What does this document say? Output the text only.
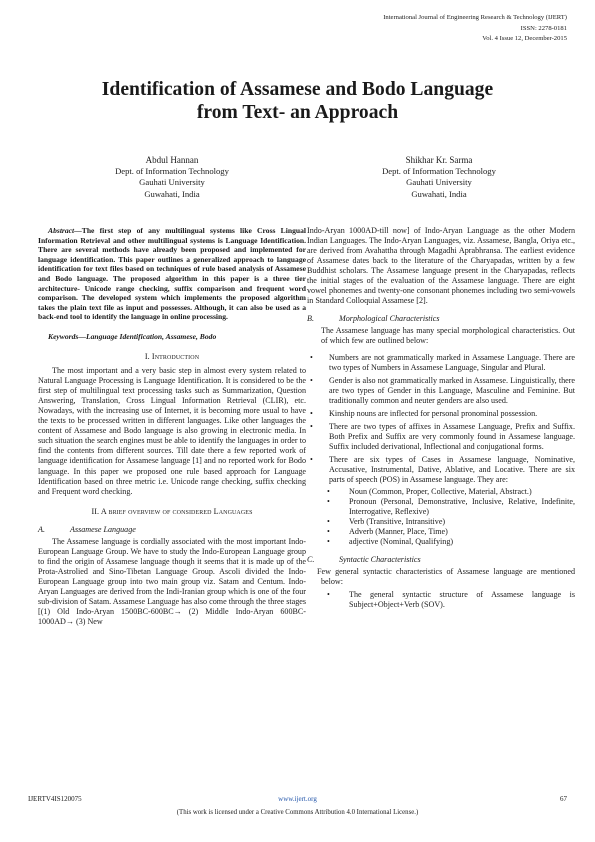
International Journal of Engineering Research & Technology (IJERT)
ISSN: 2278-0181
Vol. 4 Issue 12, December-2015
Identification of Assamese and Bodo Language
from Text- an Approach
Abdul Hannan
Dept. of Information Technology
Gauhati University
Guwahati, India
Shikhar Kr. Sarma
Dept. of Information Technology
Gauhati University
Guwahati, India

Abstract—The first step of any multilingual systems like Cross Lingual Information Retrieval and other multilingual systems is Language Identification. There are several methods have already been proposed and implemented for language identification. This paper outlines a generalized approach to language identification for text files based on techniques of rule based analysis of Assamese and Bodo language. The proposed algorithm in this paper is a three tier architecture- Unicode range checking, suffix comparison and frequent word comparison. The developed system which implements the proposed algorithm takes the plain text file as input and possesses. Although, it can also be used as a back-end tool to identify the language in online processing.

Keywords—Language Identification, Assamese, Bodo

I. Introduction

The most important and a very basic step in almost every system related to Natural Language Processing is Language Identification. It is considered to be the first step of multilingual text processing tasks such as Summarization, Question Answering, Translation, Cross Lingual Information Retrieval (CLIR), etc. Nowadays, with the increasing use of Internet, it is becoming more usual to have the texts to be processed written in different languages. Like other languages the content of Assamese and Bodo language is also growing in electronic media. In such situation the search engines must be able to identify the languages in order to find the contents from different sources. Till date there a few reported work of language identification for Assamese language [1] and no reported work for Bodo language. In this paper we proposed one rule based approach for Language Identification based on three metric i.e. Unicode range checking, suffix checking and Frequent word checking.

II. A brief overview of considered Languages
A.	Assamese Language

The Assamese language is cordially associated with the most important Indo-European Language Group. We have to study the Indo-European Language group to find the origin of Assamese language though it seems that it is made up of the Prota-Astrolied and Sino-Tibetan Language Group. Ascoli divided the Indo-European Language group into two main group viz. Satam and Centum. Indo-Aryan Languages are derived from the Indi-Iranian group which is one of the four sub-division of Satam. Assamese Language has also come through the three stages [(1) Old Indo-Aryan 1500BC-600BC→ (2) Middle Indo-Aryan 600BC-1000AD→ (3) New

Indo-Aryan 1000AD-till now] of Indo-Aryan Language as the other Modern Indian Languages. The Indo-Aryan Languages, viz. Assamese, Bangla, Oriya etc., are derived from Avahattha through Magadhi Aprabhransa. The earliest evidence of Assamese dates back to the literature of the Charyapadas, written by a few Buddhist scholars. The Assamese language present in the Charyapadas, reflects the initial stages of the evaluation of the Assamese language. There are eight vowel phonemes and twenty-one consonant phonemes including two semi-vowels in Standard Colloquial Assamese [2].

B.	Morphological Characteristics

The Assamese language has many special morphological characteristics. Out of which few are outlined below:

• Numbers are not grammatically marked in Assamese Language. There are two types of Numbers in Assamese Language, Singular and Plural.
• Gender is also not grammatically marked in Assamese. Linguistically, there are two types of Gender in this Language, Masculine and Feminine. But traditionally common and neuter genders are also used.
• Kinship nouns are inflected for personal pronominal possession.
• There are two types of affixes in Assamese Language, Prefix and Suffix. Both Prefix and Suffix are very commonly found in Assamese language. Suffix included derivational, Inflectional and conjugational forms.
• There are six types of Cases in Assamese language, Nominative, Accusative, Instrumental, Dative, Ablative, and Locative. There are six parts of speech (POS) in Assamese language. They are:
• Noun (Common, Proper, Collective, Material, Abstract.)
• Pronoun (Personal, Demonstrative, Inclusive, Relative, Indefinite, Interrogative, Reflexive)
• Verb (Transitive, Intransitive)
• Adverb (Manner, Place, Time)
• adjective (Nominal, Qualifying)
C.	Syntactic Characteristics

Few general syntactic characteristics of Assamese language are mentioned below:

• The general syntactic structure of Assamese language is Subject+Object+Verb (SOV).
IJERTV4IS120075	www.ijert.org	67
(This work is licensed under a Creative Commons Attribution 4.0 International License.)
